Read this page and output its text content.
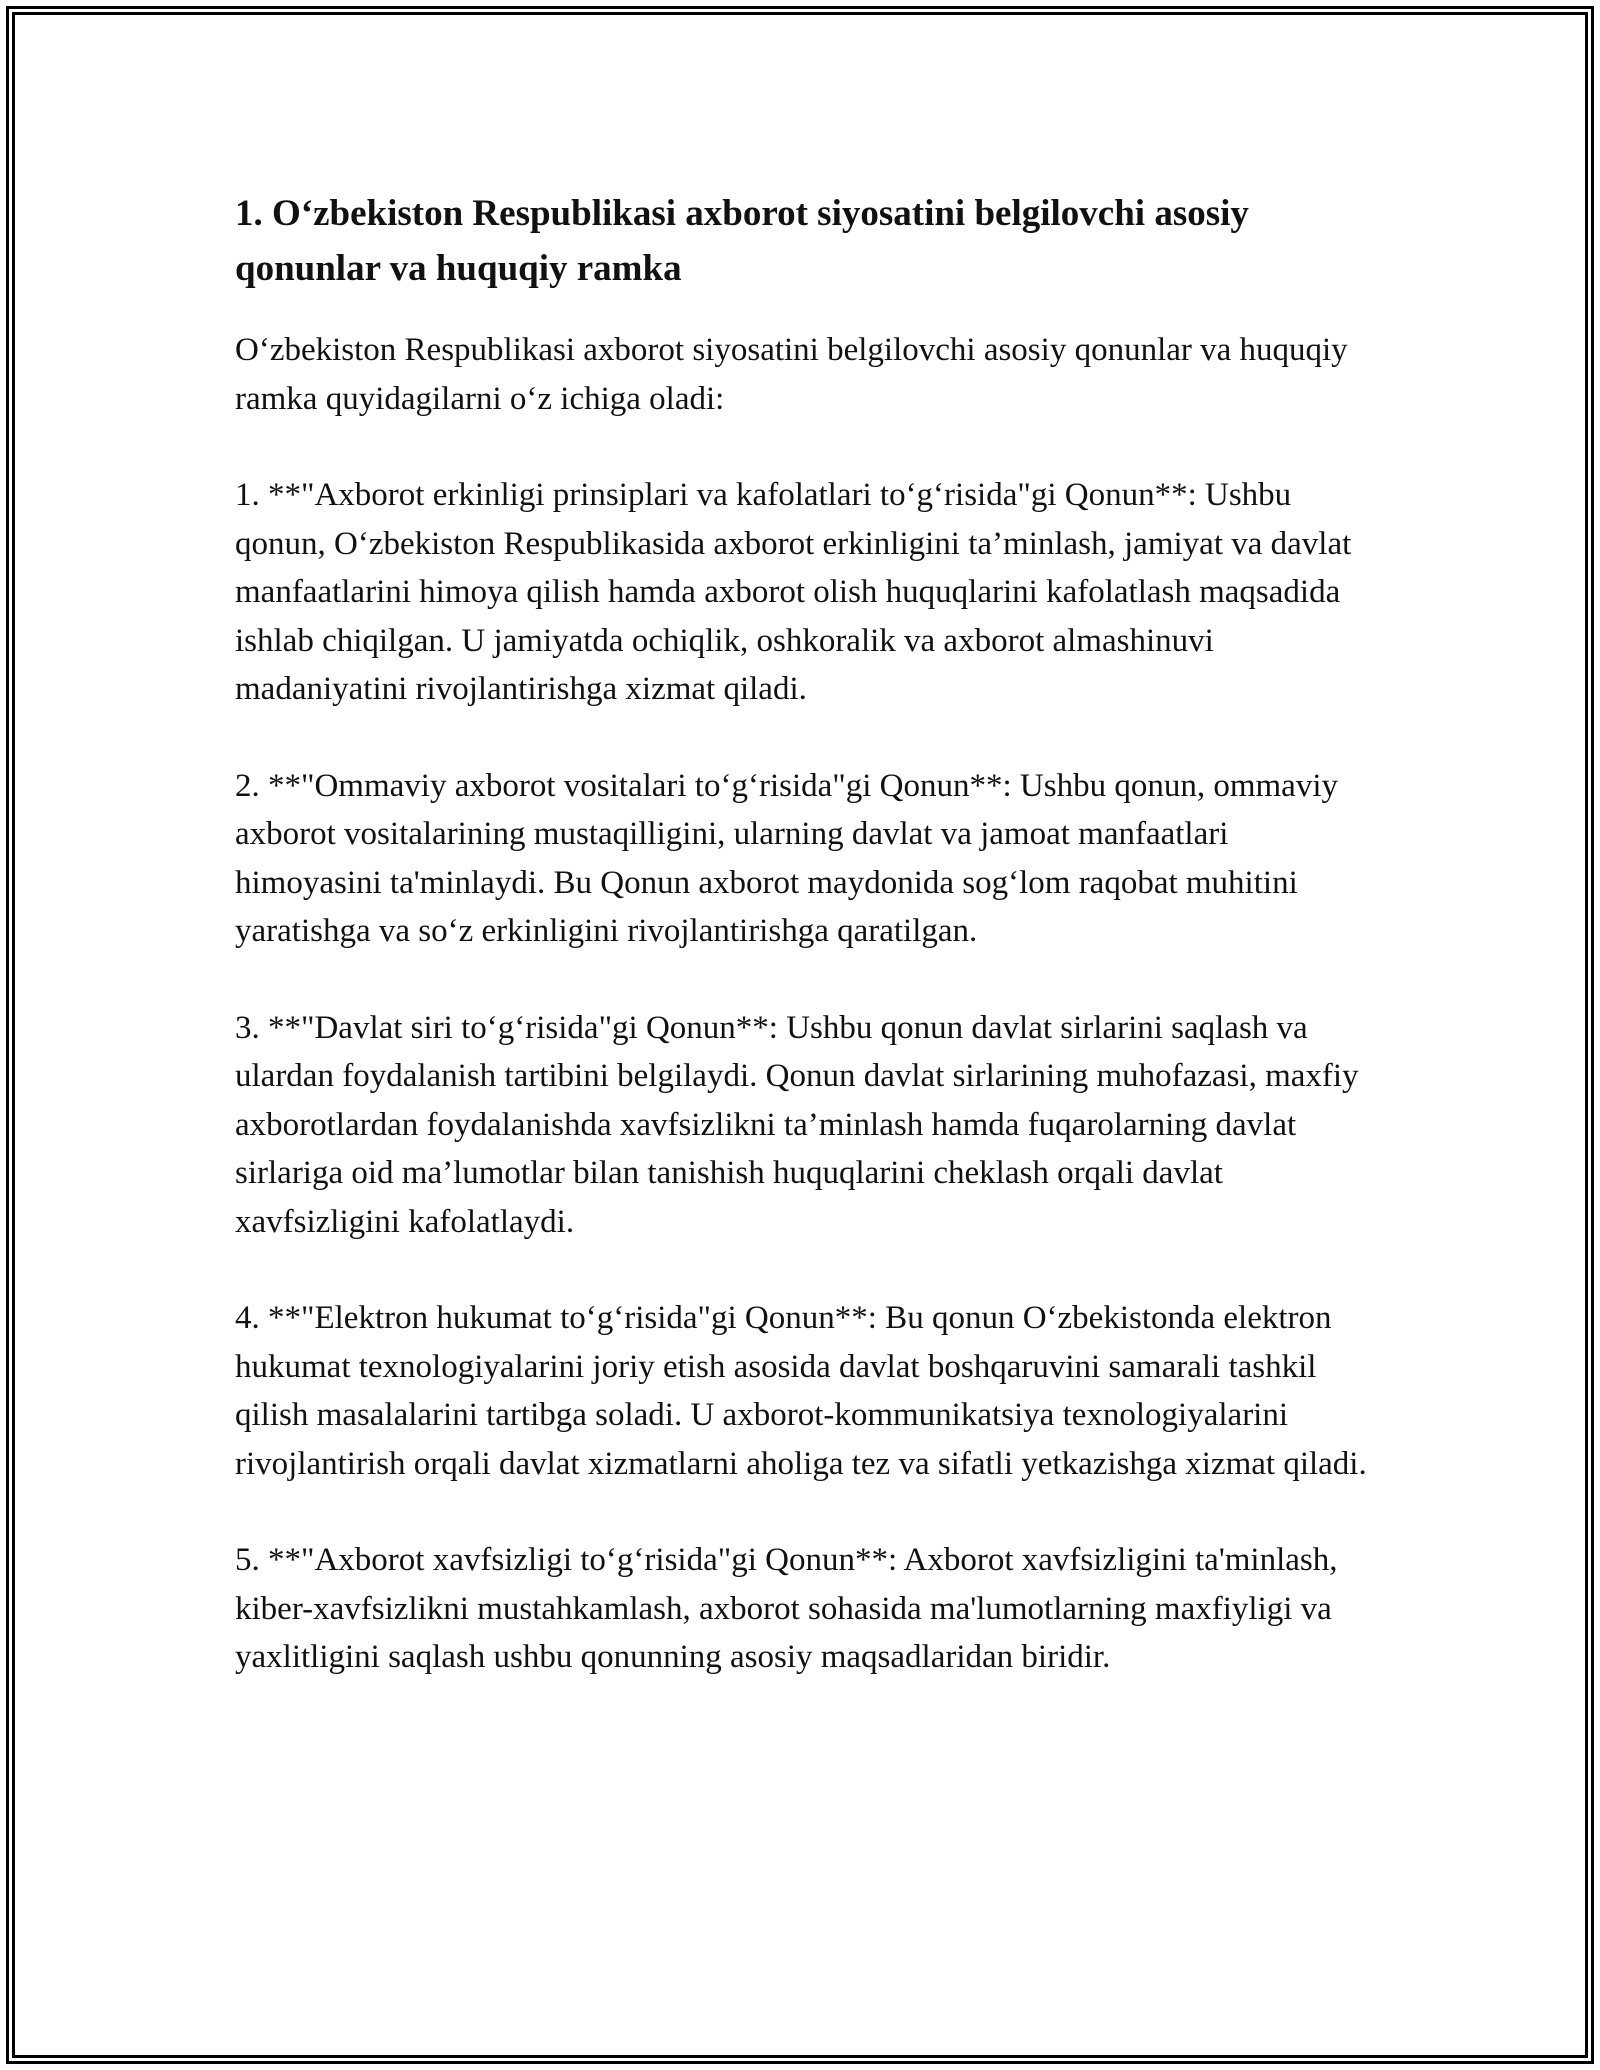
1. O‘zbekiston Respublikasi axborot siyosatini belgilovchi asosiy qonunlar va huquqiy ramka

O‘zbekiston Respublikasi axborot siyosatini belgilovchi asosiy qonunlar va huquqiy ramka quyidagilarni o‘z ichiga oladi:

1. **"Axborot erkinligi prinsiplari va kafolatlari to‘g‘risida"gi Qonun**: Ushbu qonun, O‘zbekiston Respublikasida axborot erkinligini ta’minlash, jamiyat va davlat manfaatlarini himoya qilish hamda axborot olish huquqlarini kafolatlash maqsadida ishlab chiqilgan. U jamiyatda ochiqlik, oshkoralik va axborot almashinuvi madaniyatini rivojlantirishga xizmat qiladi.

2. **"Ommaviy axborot vositalari to‘g‘risida"gi Qonun**: Ushbu qonun, ommaviy axborot vositalarining mustaqilligini, ularning davlat va jamoat manfaatlari himoyasini ta'minlaydi. Bu Qonun axborot maydonida sog‘lom raqobat muhitini yaratishga va so‘z erkinligini rivojlantirishga qaratilgan.

3. **"Davlat siri to‘g‘risida"gi Qonun**: Ushbu qonun davlat sirlarini saqlash va ulardan foydalanish tartibini belgilaydi. Qonun davlat sirlarining muhofazasi, maxfiy axborotlardan foydalanishda xavfsizlikni ta’minlash hamda fuqarolarning davlat sirlariga oid ma’lumotlar bilan tanishish huquqlarini cheklash orqali davlat xavfsizligini kafolatlaydi.

4. **"Elektron hukumat to‘g‘risida"gi Qonun**: Bu qonun O‘zbekistonda elektron hukumat texnologiyalarini joriy etish asosida davlat boshqaruvini samarali tashkil qilish masalalarini tartibga soladi. U axborot-kommunikatsiya texnologiyalarini rivojlantirish orqali davlat xizmatlarni aholiga tez va sifatli yetkazishga xizmat qiladi.

5. **"Axborot xavfsizligi to‘g‘risida"gi Qonun**: Axborot xavfsizligini ta'minlash, kiber-xavfsizlikni mustahkamlash, axborot sohasida ma'lumotlarning maxfiyligi va yaxlitligini saqlash ushbu qonunning asosiy maqsadlaridan biridir.
